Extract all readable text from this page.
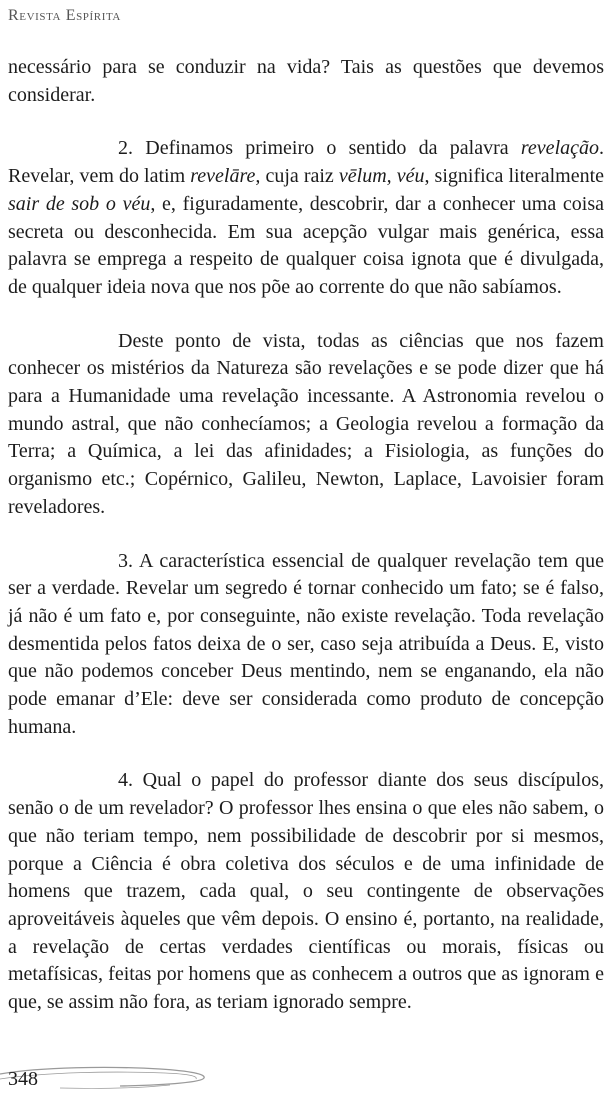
Revista Espírita

necessário para se conduzir na vida? Tais as questões que devemos considerar.

2. Definamos primeiro o sentido da palavra revelação. Revelar, vem do latim revelāre, cuja raiz vēlum, véu, significa literalmente sair de sob o véu, e, figuradamente, descobrir, dar a conhecer uma coisa secreta ou desconhecida. Em sua acepção vulgar mais genérica, essa palavra se emprega a respeito de qualquer coisa ignota que é divulgada, de qualquer ideia nova que nos põe ao corrente do que não sabíamos.

Deste ponto de vista, todas as ciências que nos fazem conhecer os mistérios da Natureza são revelações e se pode dizer que há para a Humanidade uma revelação incessante. A Astronomia revelou o mundo astral, que não conhecíamos; a Geologia revelou a formação da Terra; a Química, a lei das afinidades; a Fisiologia, as funções do organismo etc.; Copérnico, Galileu, Newton, Laplace, Lavoisier foram reveladores.

3. A característica essencial de qualquer revelação tem que ser a verdade. Revelar um segredo é tornar conhecido um fato; se é falso, já não é um fato e, por conseguinte, não existe revelação. Toda revelação desmentida pelos fatos deixa de o ser, caso seja atribuída a Deus. E, visto que não podemos conceber Deus mentindo, nem se enganando, ela não pode emanar d’Ele: deve ser considerada como produto de concepção humana.

4. Qual o papel do professor diante dos seus discípulos, senão o de um revelador? O professor lhes ensina o que eles não sabem, o que não teriam tempo, nem possibilidade de descobrir por si mesmos, porque a Ciência é obra coletiva dos séculos e de uma infinidade de homens que trazem, cada qual, o seu contingente de observações aproveitáveis àqueles que vêm depois. O ensino é, portanto, na realidade, a revelação de certas verdades científicas ou morais, físicas ou metafísicas, feitas por homens que as conhecem a outros que as ignoram e que, se assim não fora, as teriam ignorado sempre.

348
